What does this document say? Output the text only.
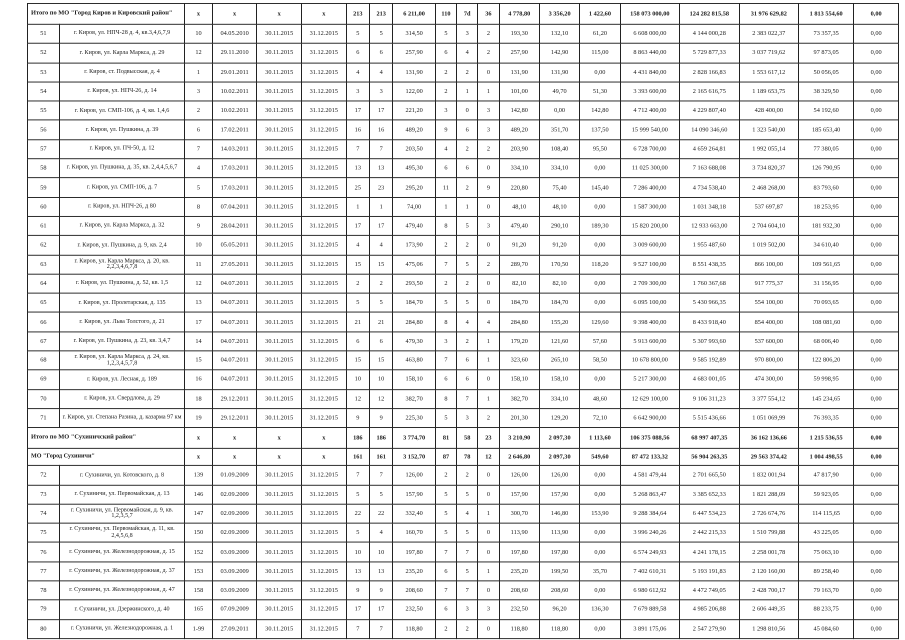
Итого по МО "Город Киров и Кировский район"		x	x	x	x	213	213	6 211,00	110	7d	36	4 778,80	3 356,20	1 422,60	158 073 000,00	124 282 815,58	31 976 629,82	1 813 554,60	0,00
51	г. Киров, ул. НПЧ-28 д. 4, кв.3,4,6,7,9	10	04.05.2010	30.11.2015	31.12.2015	5	5	314,50	5	3	2	193,30	132,10	61,20	6 608 000,00	4 144 000,28	2 383 022,37	73 357,35	0,00
52	г. Киров, ул. Карла Маркса, д. 29	12	29.11.2010	30.11.2015	31.12.2015	6	6	257,90	6	4	2	257,90	142,90	115,00	8 863 440,00	5 729 877,33	3 037 719,62	97 873,05	0,00
53	г. Киров, ст. Подвысская, д. 4	1	29.01.2011	30.11.2015	31.12.2015	4	4	131,90	2	2	0	131,90	131,90	0,00	4 431 840,00	2 828 166,83	1 553 617,12	50 056,05	0,00
54	г. Киров, ул. НПЧ-26, д. 14	3	10.02.2011	30.11.2015	31.12.2015	3	3	122,00	2	1	1	101,00	49,70	51,30	3 393 600,00	2 165 616,75	1 189 653,75	38 329,50	0,00
55	г. Киров, ул. СМП-106, д. 4, кв. 1,4,6	2	10.02.2011	30.11.2015	31.12.2015	17	17	221,20	3	0	3	142,80	0,00	142,80	4 712 400,00	4 229 807,40	428 400,00	54 192,60	0,00
56	г. Киров, ул. Пушкина, д. 39	6	17.02.2011	30.11.2015	31.12.2015	16	16	489,20	9	6	3	489,20	351,70	137,50	15 999 540,00	14 090 346,60	1 323 540,00	185 653,40	0,00
57	г. Киров, ул. ПЧ-50, д. 12	7	14.03.2011	30.11.2015	31.12.2015	7	7	203,50	4	2	2	203,90	108,40	95,50	6 728 700,00	4 659 264,81	1 992 055,14	77 380,05	0,00
58	г. Киров, ул. Пушкина, д. 35, кв. 2,4,4,5,6,7	4	17.03.2011	30.11.2015	31.12.2015	13	13	495,30	6	6	0	334,10	334,10	0,00	11 025 300,00	7 163 688,08	3 734 820,37	126 790,95	0,00
59	г. Киров, ул. СМП-106, д. 7	5	17.03.2011	30.11.2015	31.12.2015	25	23	295,20	11	2	9	220,80	75,40	145,40	7 286 400,00	4 734 538,40	2 468 268,00	83 793,60	0,00
60	г. Киров, ул. НПЧ-26, д 80	8	07.04.2011	30.11.2015	31.12.2015	1	1	74,00	1	1	0	48,10	48,10	0,00	1 587 300,00	1 031 348,18	537 697,87	18 253,95	0,00
61	г. Киров, ул. Карла Маркса, д. 32	9	28.04.2011	30.11.2015	31.12.2015	17	17	479,40	8	5	3	479,40	290,10	189,30	15 820 200,00	12 933 663,00	2 704 604,10	181 932,30	0,00
62	г. Киров, ул. Пушкина, д. 9, кв. 2,4	10	05.05.2011	30.11.2015	31.12.2015	4	4	173,90	2	2	0	91,20	91,20	0,00	3 009 600,00	1 955 487,60	1 019 502,00	34 610,40	0,00
63	г. Киров, ул. Карла Маркса, д. 20, кв. 2,2,3,4,6,7,8	11	27.05.2011	30.11.2015	31.12.2015	15	15	475,06	7	5	2	289,70	170,50	118,20	9 527 100,00	8 551 438,35	866 100,00	109 561,65	0,00
64	г. Киров, ул. Пушкина, д. 52, кв. 1,5	12	04.07.2011	30.11.2015	31.12.2015	2	2	293,50	2	2	0	82,10	82,10	0,00	2 709 300,00	1 760 367,68	917 775,37	31 156,95	0,00
65	г. Киров, ул. Пролетарская, д. 135	13	04.07.2011	30.11.2015	31.12.2015	5	5	184,70	5	5	0	184,70	184,70	0,00	6 095 100,00	5 430 966,35	554 100,00	70 093,65	0,00
66	г. Киров, ул. Льва Толстого, д. 21	17	04.07.2011	30.11.2015	31.12.2015	21	21	284,80	8	4	4	284,80	155,20	129,60	9 398 400,00	8 433 918,40	854 400,00	108 081,60	0,00
67	г. Киров, ул. Пушкина, д. 23, кв. 3,4,7	14	04.07.2011	30.11.2015	31.12.2015	6	6	479,30	3	2	1	179,20	121,60	57,60	5 913 600,00	5 307 993,60	537 600,00	68 006,40	0,00
68	г. Киров, ул. Карла Маркса, д. 24, кв. 1,2,3,4,5,7,8	15	04.07.2011	30.11.2015	31.12.2015	15	15	463,80	7	6	1	323,60	265,10	58,50	10 678 800,00	9 585 192,89	970 800,00	122 806,20	0,00
69	г. Киров, ул. Лесная, д. 189	16	04.07.2011	30.11.2015	31.12.2015	10	10	158,10	6	6	0	158,10	158,10	0,00	5 217 300,00	4 683 001,05	474 300,00	59 998,95	0,00
70	г. Киров, ул. Свердлова, д. 29	18	29.12.2011	30.11.2015	31.12.2015	12	12	382,70	8	7	1	382,70	334,10	48,60	12 629 100,00	9 106 311,23	3 377 554,12	145 234,65	0,00
71	г. Киров, ул. Степана Разина, д. казарма 97 км	19	29.12.2011	30.11.2015	31.12.2015	9	9	225,30	5	3	2	201,30	129,20	72,10	6 642 900,00	5 515 436,66	1 051 069,99	76 393,35	0,00
Итого по МО "Сухиничский район"		x	x	x	x	186	186	3 774,70	81	58	23	3 210,90	2 097,30	1 113,60	106 375 088,56	68 997 407,35	36 162 136,66	1 215 536,55	0,00
МО "Город Сухиничи"		x	x	x	x	161	161	3 152,70	87	78	12	2 646,80	2 097,30	549,60	87 472 133,32	56 904 263,35	29 563 374,42	1 004 498,55	0,00
72	г. Сухиничи, ул. Котовского, д. 8	139	01.09.2009	30.11.2015	31.12.2015	7	7	126,00	2	2	0	126,00	126,00	0,00	4 581 479,44	2 701 665,50	1 832 001,94	47 817,90	0,00
73	г. Сухиничи, ул. Первомайская, д. 13	146	02.09.2009	30.11.2015	31.12.2015	5	5	157,90	5	5	0	157,90	157,90	0,00	5 268 863,47	3 385 652,33	1 821 288,09	59 923,05	0,00
74	г. Сухиничи, ул. Первомайская, д. 9, кв. 1,2,3,5,7	147	02.09.2009	30.11.2015	31.12.2015	22	22	332,40	5	4	1	300,70	146,80	153,90	9 288 384,64	6 447 534,23	2 726 674,76	114 115,65	0,00
75	г. Сухиничи, ул. Первомайская, д. 11, кв. 2,4,5,6,8	150	02.09.2009	30.11.2015	31.12.2015	5	4	160,70	5	5	0	113,90	113,90	0,00	3 996 240,26	2 442 215,33	1 510 799,88	43 225,05	0,00
76	г. Сухиничи, ул. Железнодорожная, д. 15	152	03.09.2009	30.11.2015	31.12.2015	10	10	197,80	7	7	0	197,80	197,80	0,00	6 574 249,93	4 241 178,15	2 258 001,78	75 063,10	0,00
77	г. Сухиничи, ул. Железнодорожная, д. 37	153	03.09.2009	30.11.2015	31.12.2015	13	13	235,20	6	5	1	235,20	199,50	35,70	7 402 610,31	5 193 191,83	2 120 160,00	89 258,40	0,00
78	г. Сухиничи, ул. Железнодорожная, д. 47	158	03.09.2009	30.11.2015	31.12.2015	9	9	208,60	7	7	0	208,60	208,60	0,00	6 980 612,92	4 472 749,05	2 428 700,17	79 163,70	0,00
79	г. Сухиничи, ул. Дзержинского, д. 40	165	07.09.2009	30.11.2015	31.12.2015	17	17	232,50	6	3	3	232,50	96,20	136,30	7 679 889,58	4 985 206,88	2 606 449,35	88 233,75	0,00
80	г. Сухиничи, ул. Железнодорожная, д. 1	1-99	27.09.2011	30.11.2015	31.12.2015	7	7	118,80	2	2	0	118,80	118,80	0,00	3 891 175,06	2 547 279,90	1 298 810,56	45 084,60	0,00
